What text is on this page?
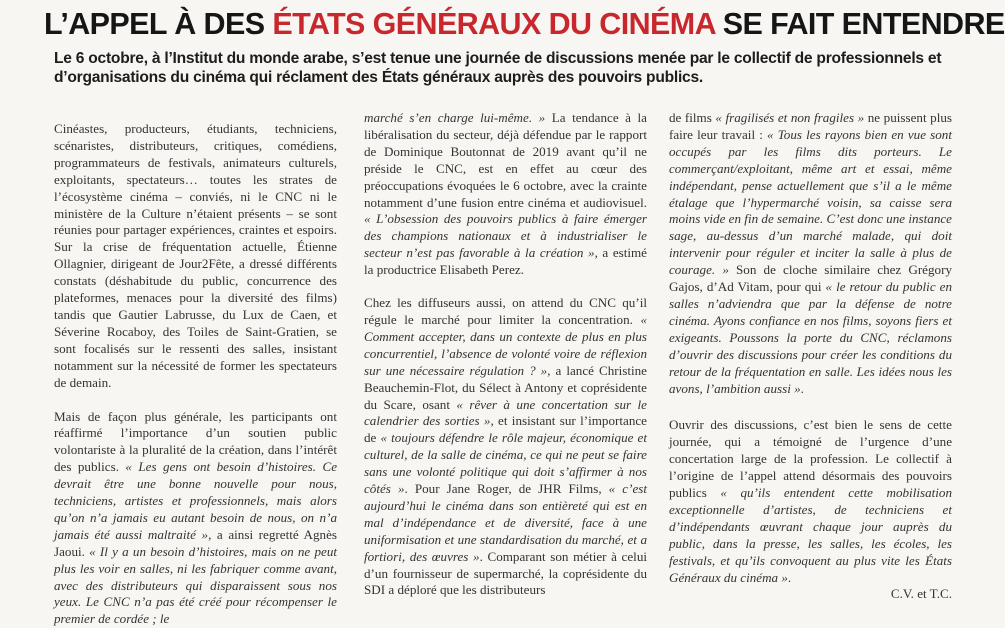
L’APPEL À DES ÉTATS GÉNÉRAUX DU CINÉMA SE FAIT ENTENDRE
Le 6 octobre, à l’Institut du monde arabe, s’est tenue une journée de discussions menée par le collectif de professionnels et d’organisations du cinéma qui réclament des États généraux auprès des pouvoirs publics.

Cinéastes, producteurs, étudiants, techniciens, scénaristes, distributeurs, critiques, comédiens, programmateurs de festivals, animateurs culturels, exploitants, spectateurs… toutes les strates de l’écosystème cinéma – conviés, ni le CNC ni le ministère de la Culture n’étaient présents – se sont réunies pour partager expériences, craintes et espoirs. Sur la crise de fréquentation actuelle, Étienne Ollagnier, dirigeant de Jour2Fête, a dressé différents constats (déshabitude du public, concurrence des plateformes, menaces pour la diversité des films) tandis que Gautier Labrusse, du Lux de Caen, et Séverine Rocaboy, des Toiles de Saint-Gratien, se sont focalisés sur le ressenti des salles, insistant notamment sur la nécessité de former les spectateurs de demain.

Mais de façon plus générale, les participants ont réaffirmé l’importance d’un soutien public volontariste à la pluralité de la création, dans l’intérêt des publics. « Les gens ont besoin d’histoires. Ce devrait être une bonne nouvelle pour nous, techniciens, artistes et professionnels, mais alors qu’on n’a jamais eu autant besoin de nous, on n’a jamais été aussi maltraité », a ainsi regretté Agnès Jaoui. « Il y a un besoin d’histoires, mais on ne peut plus les voir en salles, ni les fabriquer comme avant, avec des distributeurs qui disparaissent sous nos yeux. Le CNC n’a pas été créé pour récompenser le premier de cordée ; le

marché s’en charge lui-même. » La tendance à la libéralisation du secteur, déjà défendue par le rapport de Dominique Boutonnat de 2019 avant qu’il ne préside le CNC, est en effet au cœur des préoccupations évoquées le 6 octobre, avec la crainte notamment d’une fusion entre cinéma et audiovisuel. « L’obsession des pouvoirs publics à faire émerger des champions nationaux et à industrialiser le secteur n’est pas favorable à la création », a estimé la productrice Elisabeth Perez.

Chez les diffuseurs aussi, on attend du CNC qu’il régule le marché pour limiter la concentration. « Comment accepter, dans un contexte de plus en plus concurrentiel, l’absence de volonté voire de réflexion sur une nécessaire régulation ? », a lancé Christine Beauchemin-Flot, du Sélect à Antony et coprésidente du Scare, osant « rêver à une concertation sur le calendrier des sorties », et insistant sur l’importance de « toujours défendre le rôle majeur, économique et culturel, de la salle de cinéma, ce qui ne peut se faire sans une volonté politique qui doit s’affirmer à nos côtés ». Pour Jane Roger, de JHR Films, « c’est aujourd’hui le cinéma dans son entièreté qui est en mal d’indépendance et de diversité, face à une uniformisation et une standardisation du marché, et a fortiori, des œuvres ». Comparant son métier à celui d’un fournisseur de supermarché, la coprésidente du SDI a déploré que les distributeurs

de films « fragilisés et non fragiles » ne puissent plus faire leur travail : « Tous les rayons bien en vue sont occupés par les films dits porteurs. Le commerçant/exploitant, même art et essai, même indépendant, pense actuellement que s’il a le même étalage que l’hypermarché voisin, sa caisse sera moins vide en fin de semaine. C’est donc une instance sage, au-dessus d’un marché malade, qui doit intervenir pour réguler et inciter la salle à plus de courage. » Son de cloche similaire chez Grégory Gajos, d’Ad Vitam, pour qui « le retour du public en salles n’adviendra que par la défense de notre cinéma. Ayons confiance en nos films, soyons fiers et exigeants. Poussons la porte du CNC, réclamons d’ouvrir des discussions pour créer les conditions du retour de la fréquentation en salle. Les idées nous les avons, l’ambition aussi ».

Ouvrir des discussions, c’est bien le sens de cette journée, qui a témoigné de l’urgence d’une concertation large de la profession. Le collectif à l’origine de l’appel attend désormais des pouvoirs publics « qu’ils entendent cette mobilisation exceptionnelle d’artistes, de techniciens et d’indépendants œuvrant chaque jour auprès du public, dans la presse, les salles, les écoles, les festivals, et qu’ils convoquent au plus vite les États Généraux du cinéma ».

C.V. et T.C.
